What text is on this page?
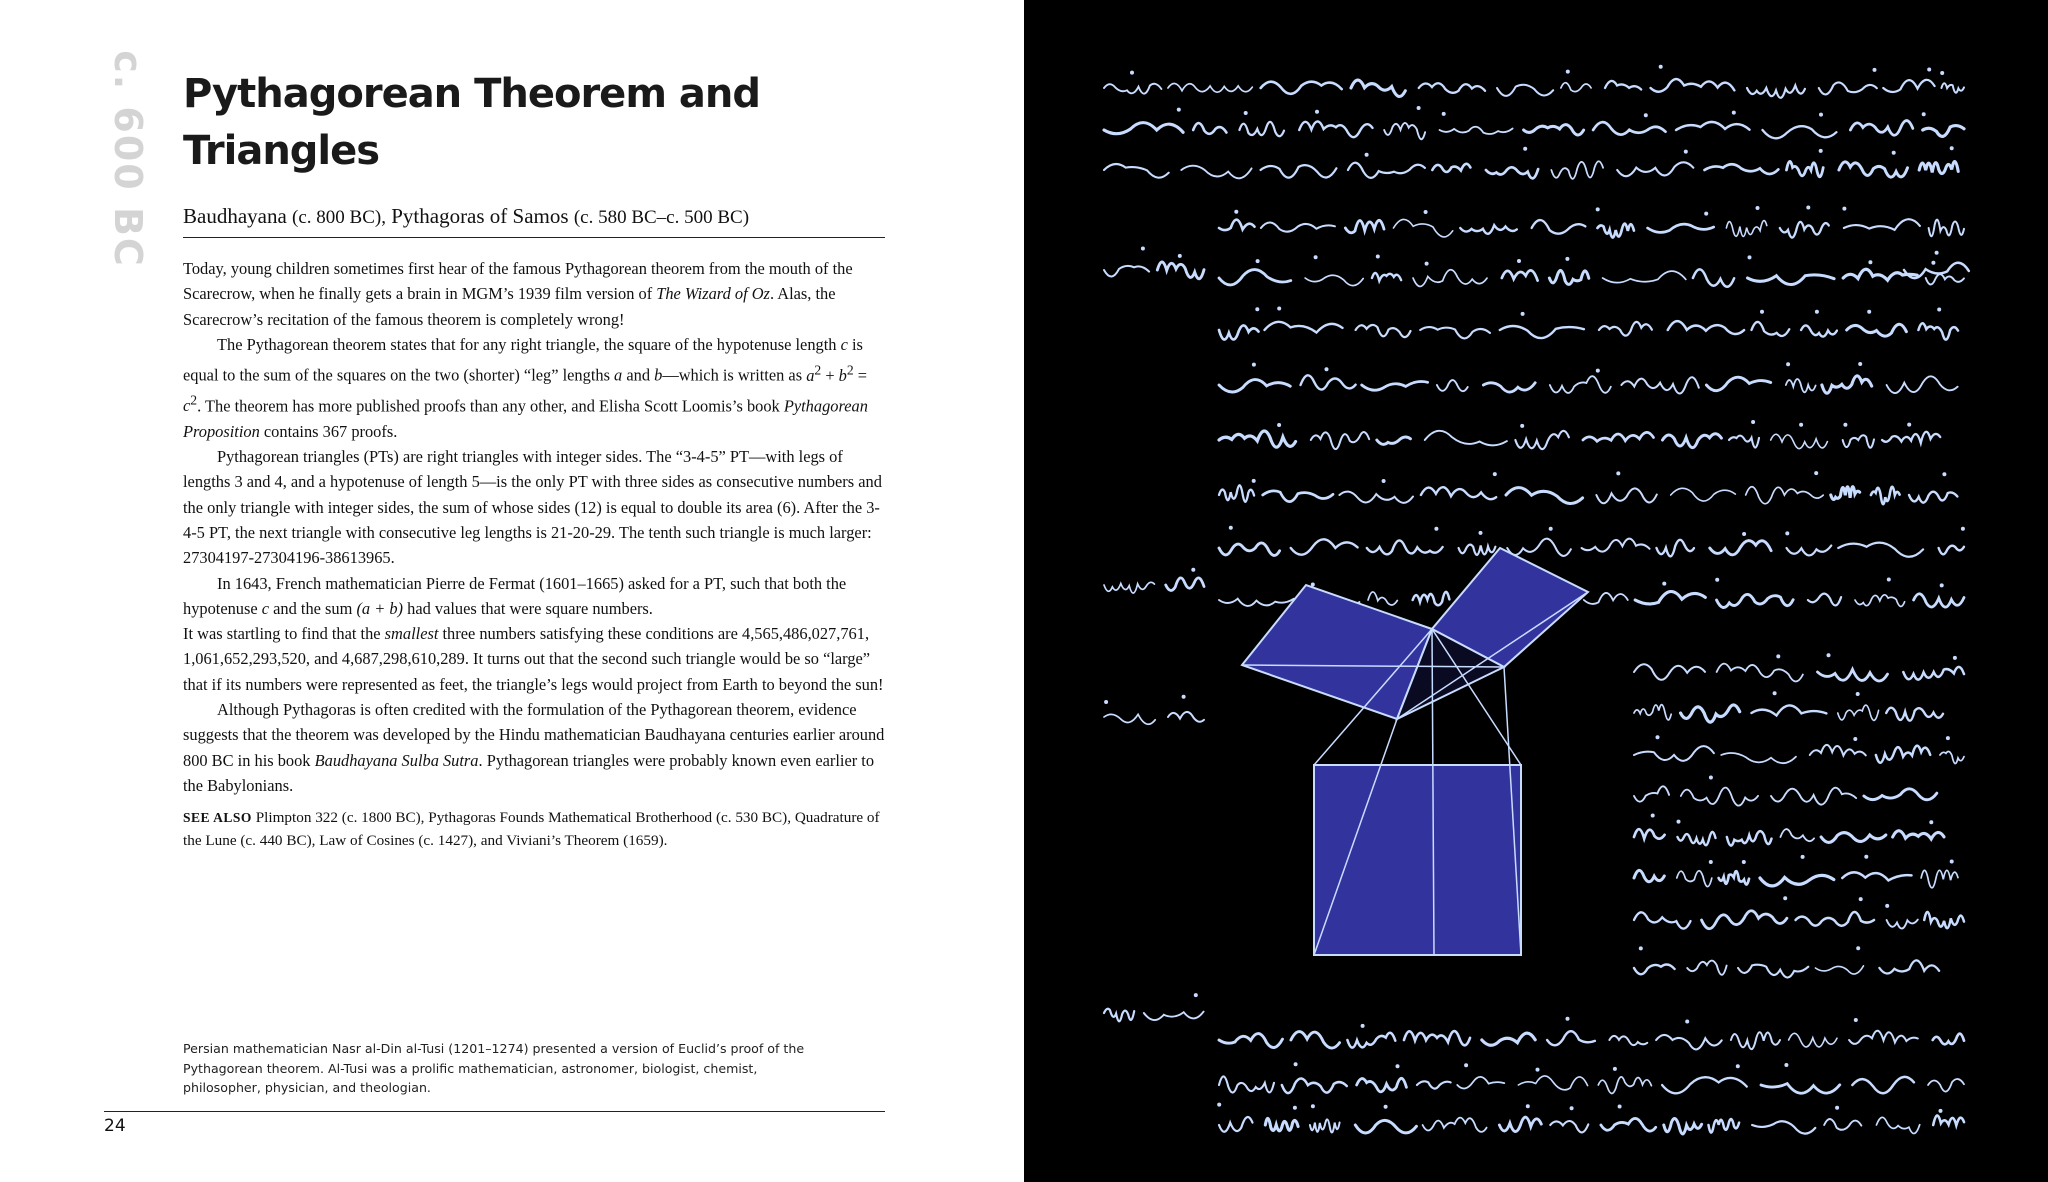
c. 600 BC Pythagorean Theorem and
Triangles
Baudhayana (c. 800 BC), Pythagoras of Samos (c. 580 BC–c. 500 BC)

Today, young children sometimes first hear of the famous Pythagorean theorem from the mouth of the Scarecrow, when he finally gets a brain in MGM’s 1939 film version of The Wizard of Oz. Alas, the Scarecrow’s recitation of the famous theorem is completely wrong!

The Pythagorean theorem states that for any right triangle, the square of the hypotenuse length c is equal to the sum of the squares on the two (shorter) “leg” lengths a and b—which is written as $a^2 + b^2 = c^2$. The theorem has more published proofs than any other, and Elisha Scott Loomis’s book Pythagorean Proposition contains 367 proofs.

Pythagorean triangles (PTs) are right triangles with integer sides. The “3-4-5” PT—with legs of lengths 3 and 4, and a hypotenuse of length 5—is the only PT with three sides as consecutive numbers and the only triangle with integer sides, the sum of whose sides (12) is equal to double its area (6). After the 3-4-5 PT, the next triangle with consecutive leg lengths is 21-20-29. The tenth such triangle is much larger: 27304197-27304196-38613965.

In 1643, French mathematician Pierre de Fermat (1601–1665) asked for a PT, such that both the hypotenuse c and the sum (a + b) had values that were square numbers.

It was startling to find that the smallest three numbers satisfying these conditions are 4,565,486,027,761, 1,061,652,293,520, and 4,687,298,610,289. It turns out that the second such triangle would be so “large” that if its numbers were represented as feet, the triangle’s legs would project from Earth to beyond the sun!

Although Pythagoras is often credited with the formulation of the Pythagorean theorem, evidence suggests that the theorem was developed by the Hindu mathematician Baudhayana centuries earlier around 800 BC in his book Baudhayana Sulba Sutra. Pythagorean triangles were probably known even earlier to the Babylonians.

SEE ALSO Plimpton 322 (c. 1800 BC), Pythagoras Founds Mathematical Brotherhood (c. 530 BC), Quadrature of the Lune (c. 440 BC), Law of Cosines (c. 1427), and Viviani’s Theorem (1659).

Persian mathematician Nasr al-Din al-Tusi (1201–1274) presented a version of Euclid’s proof of the Pythagorean theorem. Al-Tusi was a prolific mathematician, astronomer, biologist, chemist, philosopher, physician, and theologian.
24
